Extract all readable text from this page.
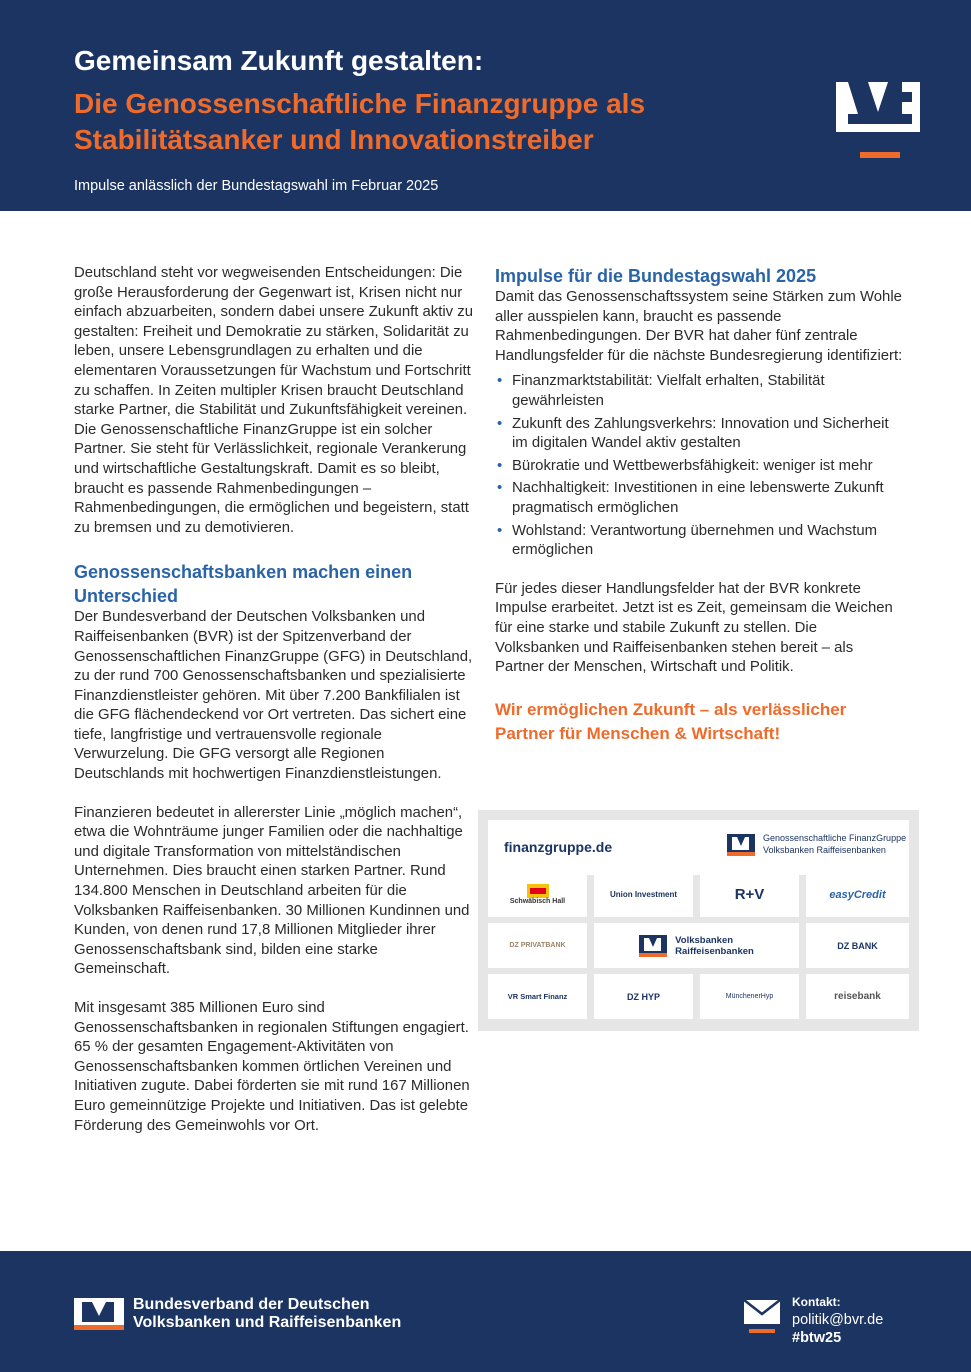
Gemeinsam Zukunft gestalten:
Die Genossenschaftliche Finanzgruppe als Stabilitätsanker und Innovationstreiber
Impulse anlässlich der Bundestagswahl im Februar 2025

Deutschland steht vor wegweisenden Entscheidungen: Die große Herausforderung der Gegenwart ist, Krisen nicht nur einfach abzuarbeiten, sondern dabei unsere Zukunft aktiv zu gestalten: Freiheit und Demokratie zu stärken, Solidarität zu leben, unsere Lebensgrundlagen zu erhalten und die elementaren Voraussetzungen für Wachstum und Fortschritt zu schaffen. In Zeiten multipler Krisen braucht Deutschland starke Partner, die Stabilität und Zukunftsfähigkeit vereinen. Die Genossenschaftliche FinanzGruppe ist ein solcher Partner. Sie steht für Verlässlichkeit, regionale Verankerung und wirtschaftliche Gestaltungskraft. Damit es so bleibt, braucht es passende Rahmenbedingungen – Rahmenbedingungen, die ermöglichen und begeistern, statt zu bremsen und zu demotivieren.

Genossenschaftsbanken machen einen Unterschied

Der Bundesverband der Deutschen Volksbanken und Raiffeisenbanken (BVR) ist der Spitzenverband der Genossenschaftlichen FinanzGruppe (GFG) in Deutschland, zu der rund 700 Genossenschaftsbanken und spezialisierte Finanzdienstleister gehören. Mit über 7.200 Bankfilialen ist die GFG flächendeckend vor Ort vertreten. Das sichert eine tiefe, langfristige und vertrauensvolle regionale Verwurzelung. Die GFG versorgt alle Regionen Deutschlands mit hochwertigen Finanzdienstleistungen.

Finanzieren bedeutet in allererster Linie „möglich machen“, etwa die Wohnträume junger Familien oder die nachhaltige und digitale Transformation von mittelständischen Unternehmen. Dies braucht einen starken Partner. Rund 134.800 Menschen in Deutschland arbeiten für die Volksbanken Raiffeisenbanken. 30 Millionen Kundinnen und Kunden, von denen rund 17,8 Millionen Mitglieder ihrer Genossenschaftsbank sind, bilden eine starke Gemeinschaft.

Mit insgesamt 385 Millionen Euro sind Genossenschaftsbanken in regionalen Stiftungen engagiert. 65 % der gesamten Engagement-Aktivitäten von Genossenschaftsbanken kommen örtlichen Vereinen und Initiativen zugute. Dabei förderten sie mit rund 167 Millionen Euro gemeinnützige Projekte und Initiativen. Das ist gelebte Förderung des Gemeinwohls vor Ort.

Impulse für die Bundestagswahl 2025

Damit das Genossenschaftssystem seine Stärken zum Wohle aller ausspielen kann, braucht es passende Rahmenbedingungen. Der BVR hat daher fünf zentrale Handlungsfelder für die nächste Bundesregierung identifiziert:

• Finanzmarktstabilität: Vielfalt erhalten, Stabilität gewährleisten
• Zukunft des Zahlungsverkehrs: Innovation und Sicherheit im digitalen Wandel aktiv gestalten
• Bürokratie und Wettbewerbsfähigkeit: weniger ist mehr
• Nachhaltigkeit: Investitionen in eine lebenswerte Zukunft pragmatisch ermöglichen
• Wohlstand: Verantwortung übernehmen und Wachstum ermöglichen

Für jedes dieser Handlungsfelder hat der BVR konkrete Impulse erarbeitet. Jetzt ist es Zeit, gemeinsam die Weichen für eine starke und stabile Zukunft zu stellen. Die Volksbanken und Raiffeisenbanken stehen bereit – als Partner der Menschen, Wirtschaft und Politik.

Wir ermöglichen Zukunft – als verlässlicher Partner für Menschen & Wirtschaft!
finanzgruppe.de
Genossenschaftliche FinanzGruppe
Volksbanken Raiffeisenbanken
Schwäbisch Hall
Union Investment	R+V	easyCredit
DZ PRIVATBANK	Volksbanken
Raiffeisenbanken	DZ BANK
VR Smart Finanz	DZ HYP	MünchenerHyp	reisebank
Bundesverband der Deutschen
Volksbanken und Raiffeisenbanken
Kontakt:
politik@bvr.de
#btw25
